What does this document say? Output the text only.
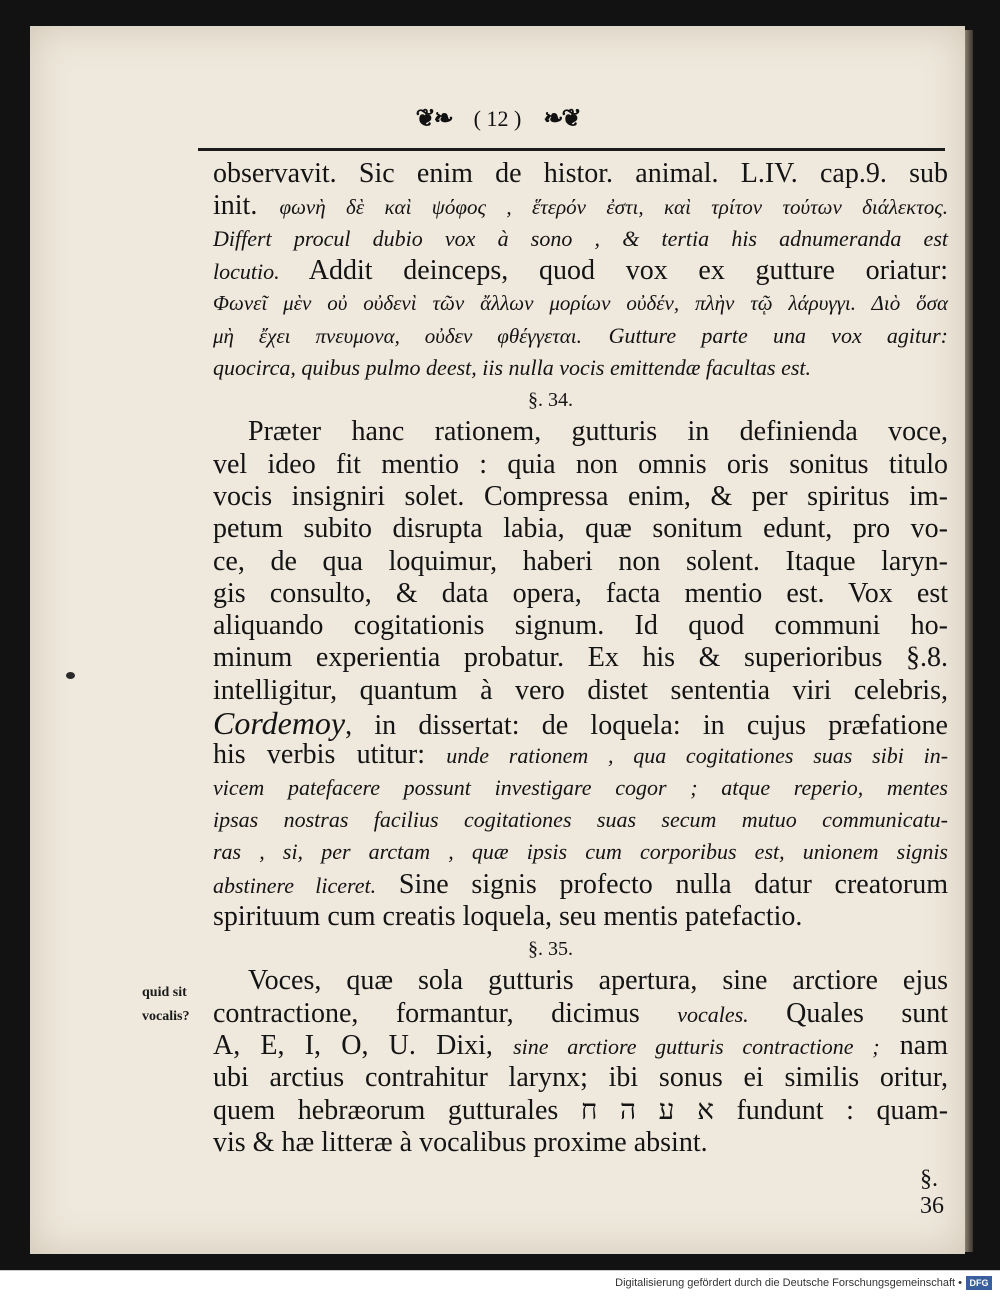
❦❧ ( 12 ) ❧❦
observavit. Sic enim de histor. animal. L.IV. cap.9. sub
init. φωνὴ δὲ καὶ ψόφος , ἕτερόν ἐστι, καὶ τρίτον τούτων διάλεκτος.
Differt procul dubio vox à sono , & tertia his adnumeranda est
locutio. Addit deinceps, quod vox ex gutture oriatur:
Φωνεῖ μὲν οὐ οὐδενὶ τῶν ἄλλων μορίων οὐδέν, πλὴν τῷ λάρυγγι. Διὸ ὅσα
μὴ ἔχει πνευμονα, οὐδεν φθέγγεται. Gutture parte una vox agitur:
quocirca, quibus pulmo deest, iis nulla vocis emittendæ facultas est.
§. 34.
Præter hanc rationem, gutturis in definienda voce,
vel ideo fit mentio : quia non omnis oris sonitus titulo
vocis insigniri solet. Compressa enim, & per spiritus im-
petum subito disrupta labia, quæ sonitum edunt, pro vo-
ce, de qua loquimur, haberi non solent. Itaque laryn-
gis consulto, & data opera, facta mentio est. Vox est
aliquando cogitationis signum. Id quod communi ho-
minum experientia probatur. Ex his & superioribus §.8.
intelligitur, quantum à vero distet sententia viri celebris,
Cordemoy, in dissertat: de loquela: in cujus præfatione
his verbis utitur: unde rationem , qua cogitationes suas sibi in-
vicem patefacere possunt investigare cogor ; atque reperio, mentes
ipsas nostras facilius cogitationes suas secum mutuo communicatu-
ras , si, per arctam , quæ ipsis cum corporibus est, unionem signis
abstinere liceret. Sine signis profecto nulla datur creatorum
spirituum cum creatis loquela, seu mentis patefactio.
§. 35.
Voces, quæ sola gutturis apertura, sine arctiore ejus
contractione, formantur, dicimus vocales. Quales sunt
A, E, I, O, U. Dixi, sine arctiore gutturis contractione ; nam
ubi arctius contrahitur larynx; ibi sonus ei similis oritur,
quem hebræorum gutturales א ע ה ח fundunt : quam-
vis & hæ litteræ à vocalibus proxime absint.
quid sit
vocalis?
§. 36
Digitalisierung gefördert durch die Deutsche Forschungsgemeinschaft • DFG
